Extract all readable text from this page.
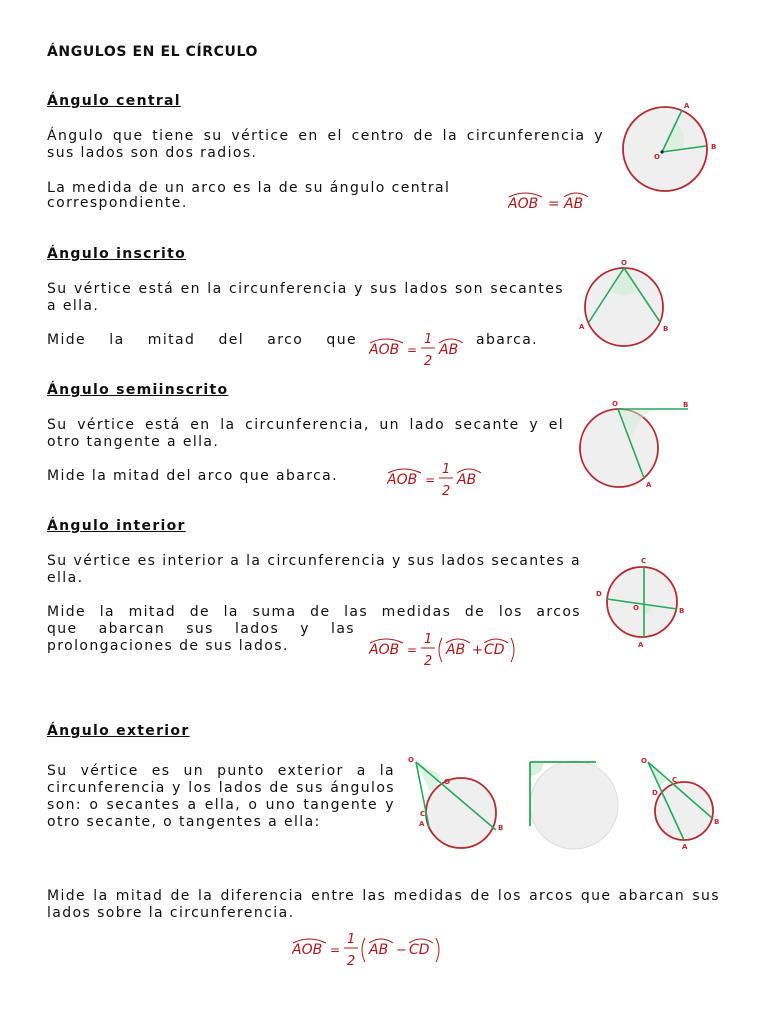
ÁNGULOS EN EL CÍRCULO
Ángulo central
Ángulo que tiene su vértice en el centro de la circunferencia y sus lados son dos radios.
La medida de un arco es la de su ángulo central
correspondiente.	AOB = AB
A
B
O
Ángulo inscrito
Su vértice está en la circunferencia y sus lados son secantes a ella.
Mide la mitad del arco que	abarca.
AOB =
1
2
AB
O
A	B
Ángulo semiinscrito
Su vértice está en la circunferencia, un lado secante y el otro tangente a ella.
Mide la mitad del arco que abarca.	AOB =
1
2
AB
O	B
A
Ángulo interior
Su vértice es interior a la circunferencia y sus lados secantes a ella.
Mide la mitad de la suma de las medidas de los arcos
que abarcan sus lados y las
prolongaciones de sus lados.	AOB =
1
2
AB + CD
C
D
O	B
A
Ángulo exterior
Su vértice es un punto exterior a la circunferencia y los lados de sus ángulos son: o secantes a ella, o uno tangente y otro secante, o tangentes a ella:
Mide la mitad de la diferencia entre las medidas de los arcos que abarcan sus lados sobre la circunferencia.
O
O
C
A	B
O
C
D
B
A
AOB =
1
2
AB − CD
